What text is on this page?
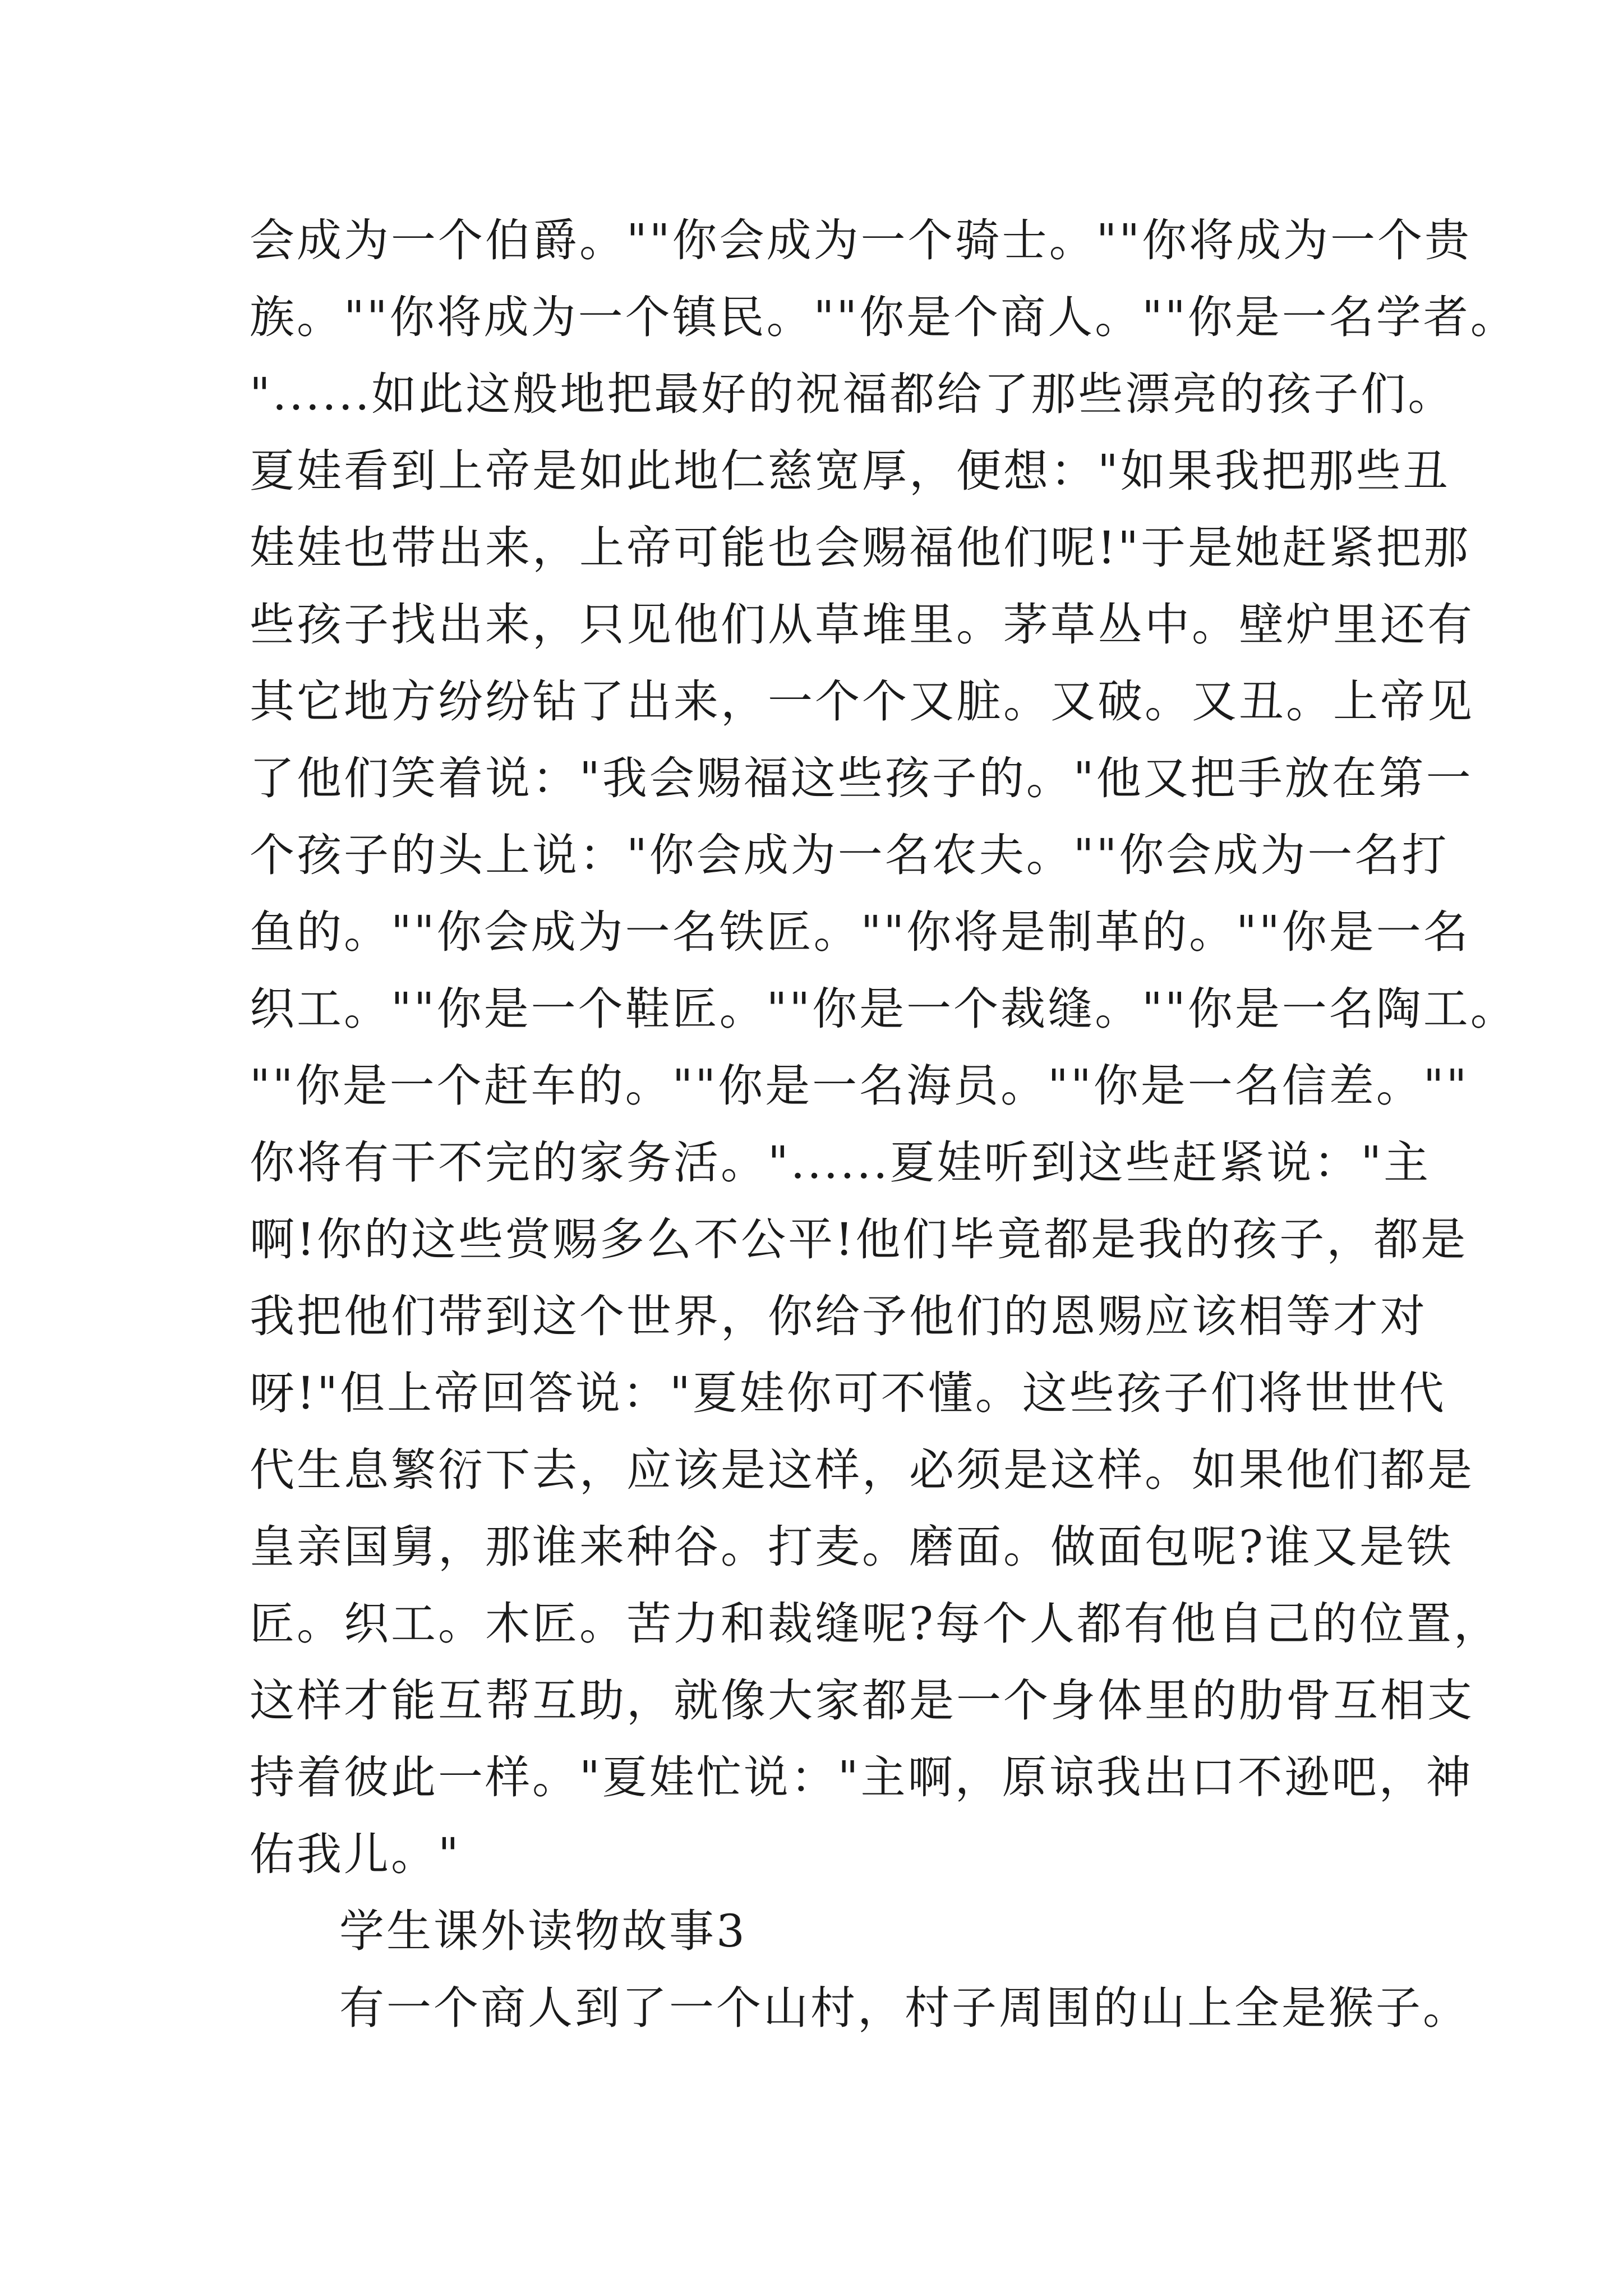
会成为一个伯爵。""你会成为一个骑士。""你将成为一个贵
族。""你将成为一个镇民。""你是个商人。""你是一名学者。
"......如此这般地把最好的祝福都给了那些漂亮的孩子们。
夏娃看到上帝是如此地仁慈宽厚，便想："如果我把那些丑
娃娃也带出来，上帝可能也会赐福他们呢!"于是她赶紧把那
些孩子找出来，只见他们从草堆里。茅草丛中。壁炉里还有
其它地方纷纷钻了出来，一个个又脏。又破。又丑。上帝见
了他们笑着说："我会赐福这些孩子的。"他又把手放在第一
个孩子的头上说："你会成为一名农夫。""你会成为一名打
鱼的。""你会成为一名铁匠。""你将是制革的。""你是一名
织工。""你是一个鞋匠。""你是一个裁缝。""你是一名陶工。
""你是一个赶车的。""你是一名海员。""你是一名信差。""
你将有干不完的家务活。"......夏娃听到这些赶紧说："主
啊!你的这些赏赐多么不公平!他们毕竟都是我的孩子，都是
我把他们带到这个世界，你给予他们的恩赐应该相等才对
呀!"但上帝回答说："夏娃你可不懂。这些孩子们将世世代
代生息繁衍下去，应该是这样，必须是这样。如果他们都是
皇亲国舅，那谁来种谷。打麦。磨面。做面包呢?谁又是铁
匠。织工。木匠。苦力和裁缝呢?每个人都有他自己的位置，
这样才能互帮互助，就像大家都是一个身体里的肋骨互相支
持着彼此一样。"夏娃忙说："主啊，原谅我出口不逊吧，神
佑我儿。"
学生课外读物故事3
有一个商人到了一个山村，村子周围的山上全是猴子。
